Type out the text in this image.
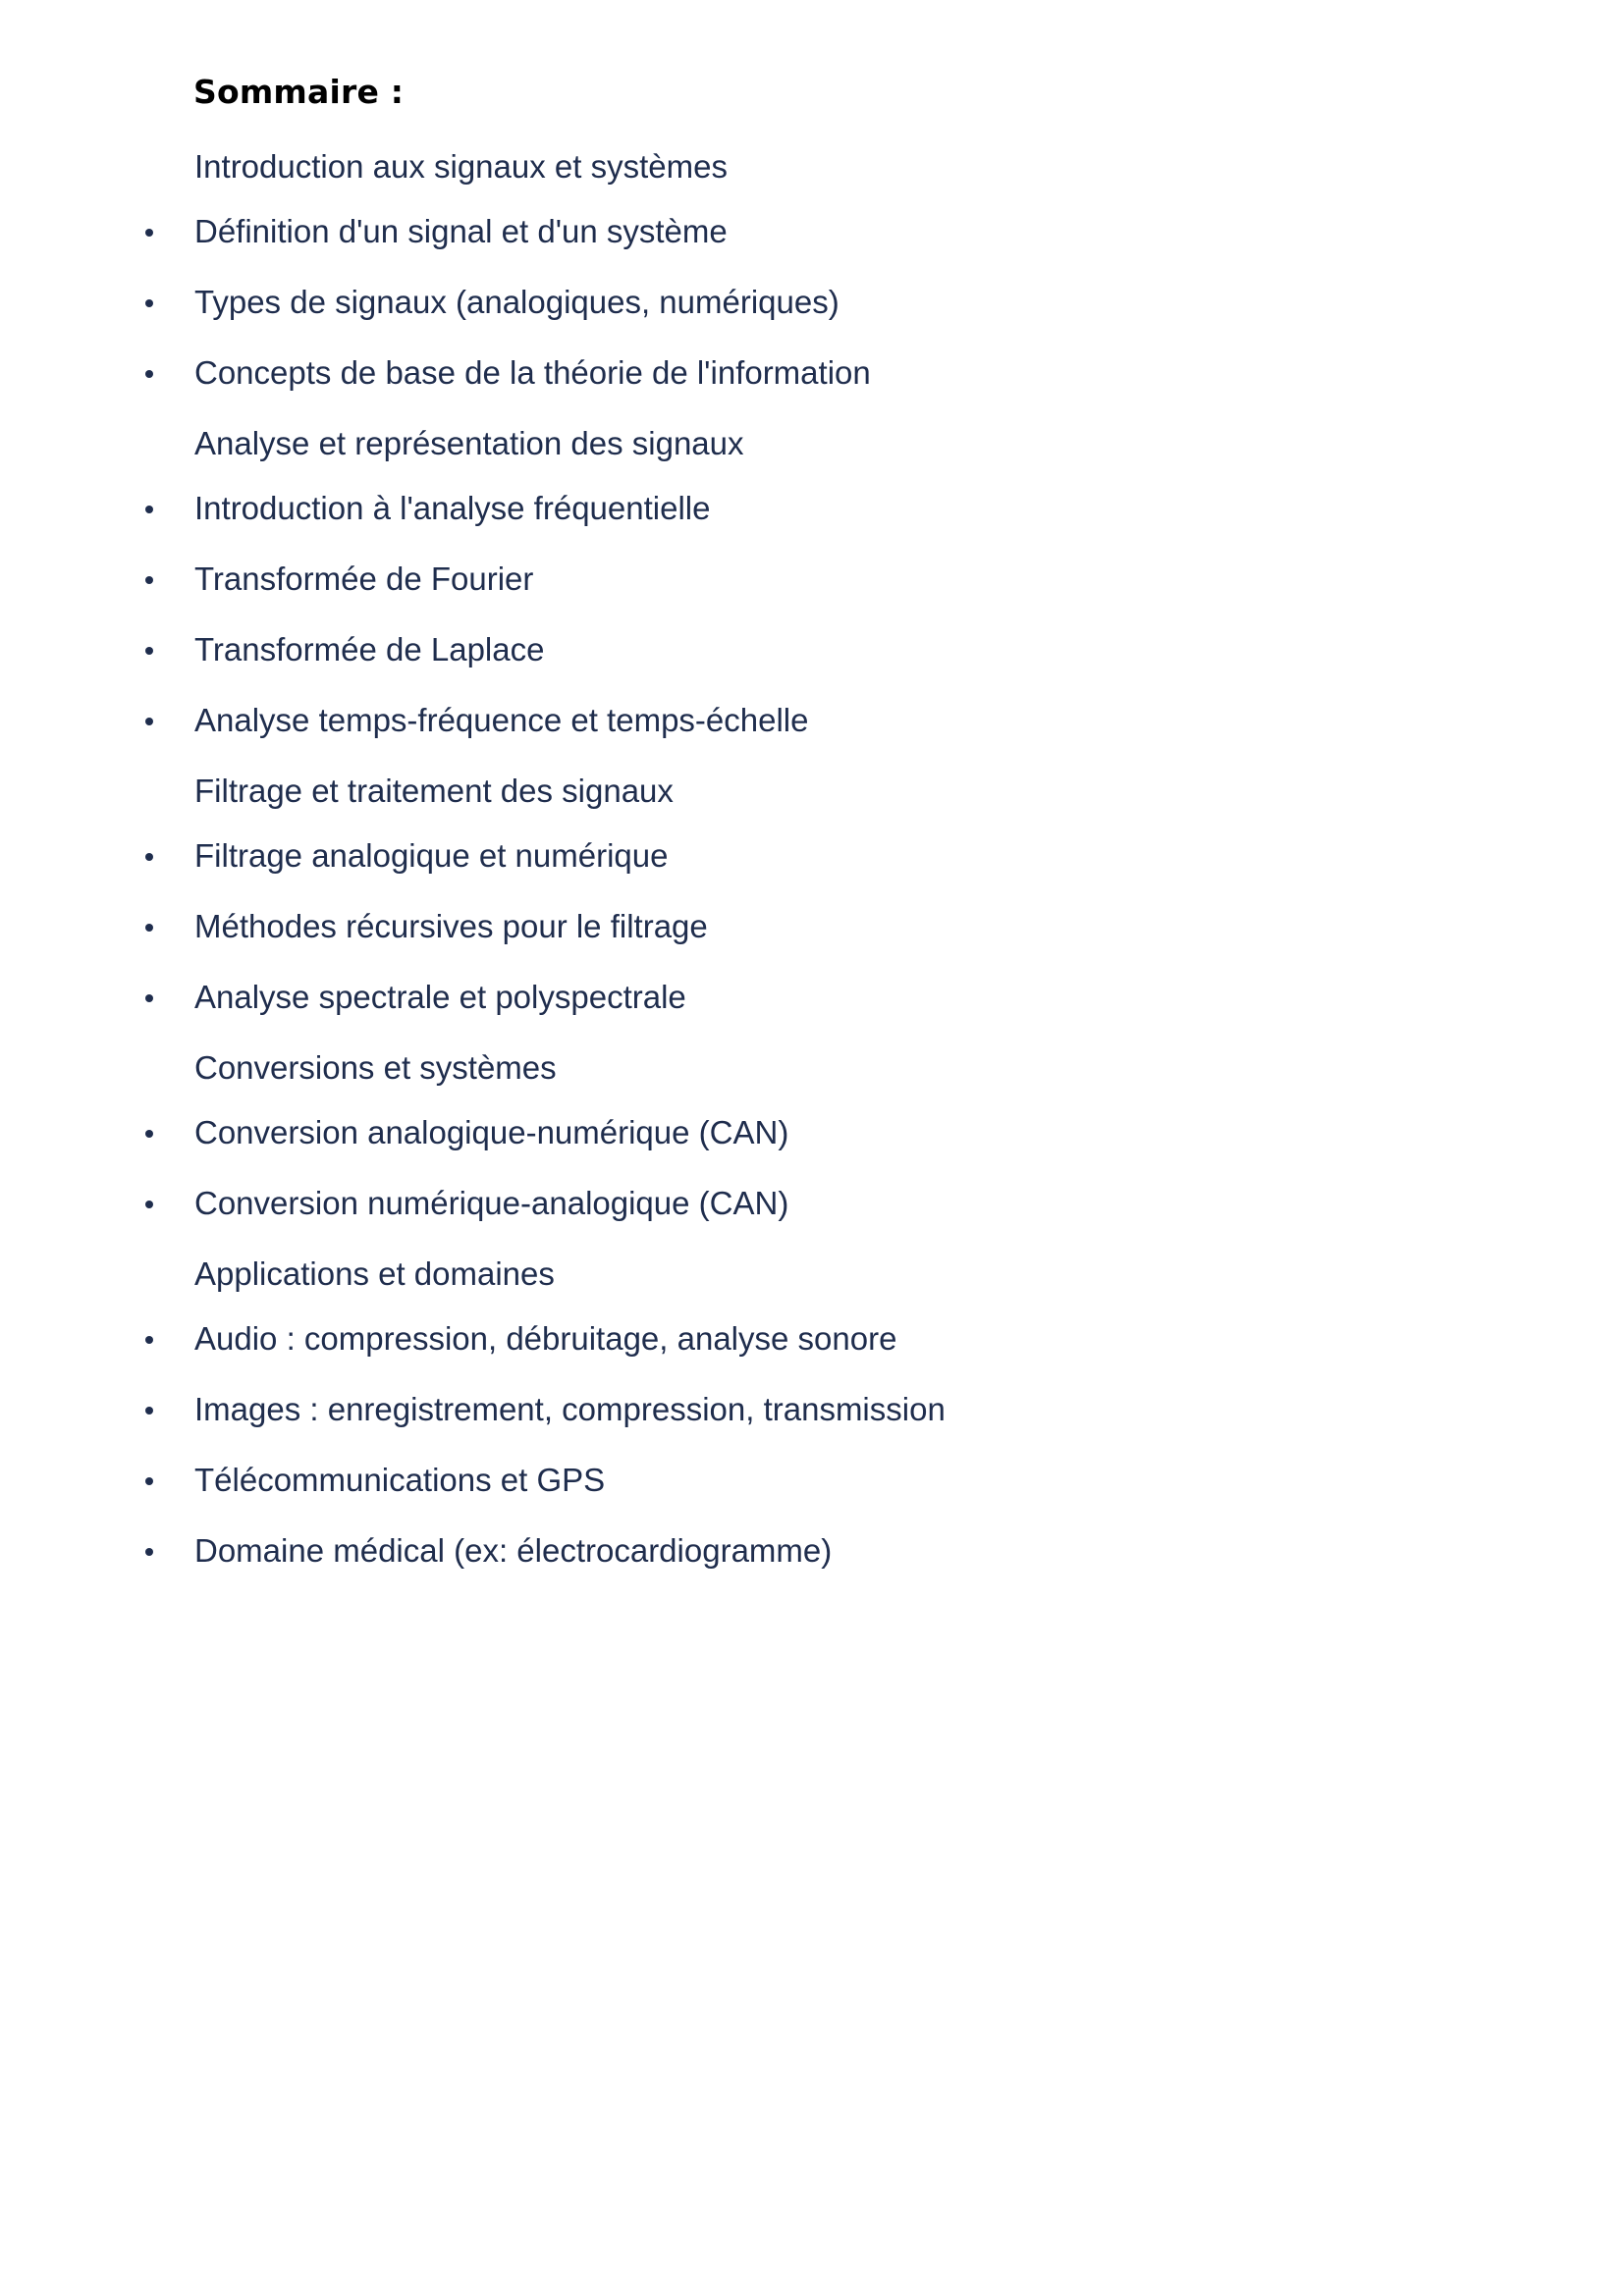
Sommaire :

Introduction aux signaux et systèmes

Définition d'un signal et d'un système
Types de signaux (analogiques, numériques)
Concepts de base de la théorie de l'information

Analyse et représentation des signaux

Introduction à l'analyse fréquentielle
Transformée de Fourier
Transformée de Laplace
Analyse temps-fréquence et temps-échelle

Filtrage et traitement des signaux

Filtrage analogique et numérique
Méthodes récursives pour le filtrage
Analyse spectrale et polyspectrale

Conversions et systèmes

Conversion analogique-numérique (CAN)
Conversion numérique-analogique (CAN)

Applications et domaines

Audio : compression, débruitage, analyse sonore
Images : enregistrement, compression, transmission
Télécommunications et GPS
Domaine médical (ex: électrocardiogramme)
